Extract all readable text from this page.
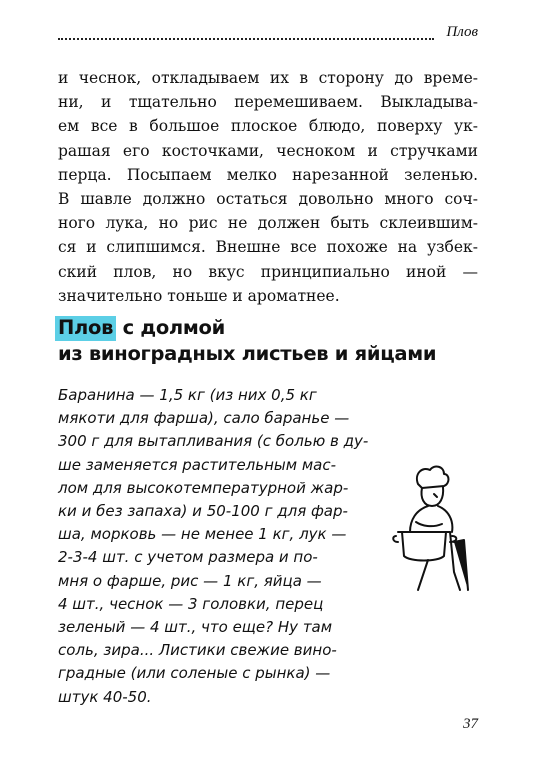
Плов
и чеснок, откладываем их в сторону до време-
ни, и тщательно перемешиваем. Выкладыва-
ем все в большое плоское блюдо, поверху ук-
рашая его косточками, чесноком и стручками
перца. Посыпаем мелко нарезанной зеленью.
В шавле должно остаться довольно много соч-
ного лука, но рис не должен быть склеившим-
ся и слипшимся. Внешне все похоже на узбек-
ский плов, но вкус принципиально иной —
значительно тоньше и ароматнее.
Плов с долмой
из виноградных листьев и яйцами
Баранина — 1,5 кг (из них 0,5 кг
мякоти для фарша), сало баранье —
300 г для вытапливания (с болью в ду-
ше заменяется растительным мас-
лом для высокотемпературной жар-
ки и без запаха) и 50-100 г для фар-
ша, морковь — не менее 1 кг, лук —
2-3-4 шт. с учетом размера и по-
мня о фарше, рис — 1 кг, яйца —
4 шт., чеснок — 3 головки, перец
зеленый — 4 шт., что еще? Ну там
соль, зира... Листики свежие вино-
градные (или соленые с рынка) —
штук 40-50.
37
